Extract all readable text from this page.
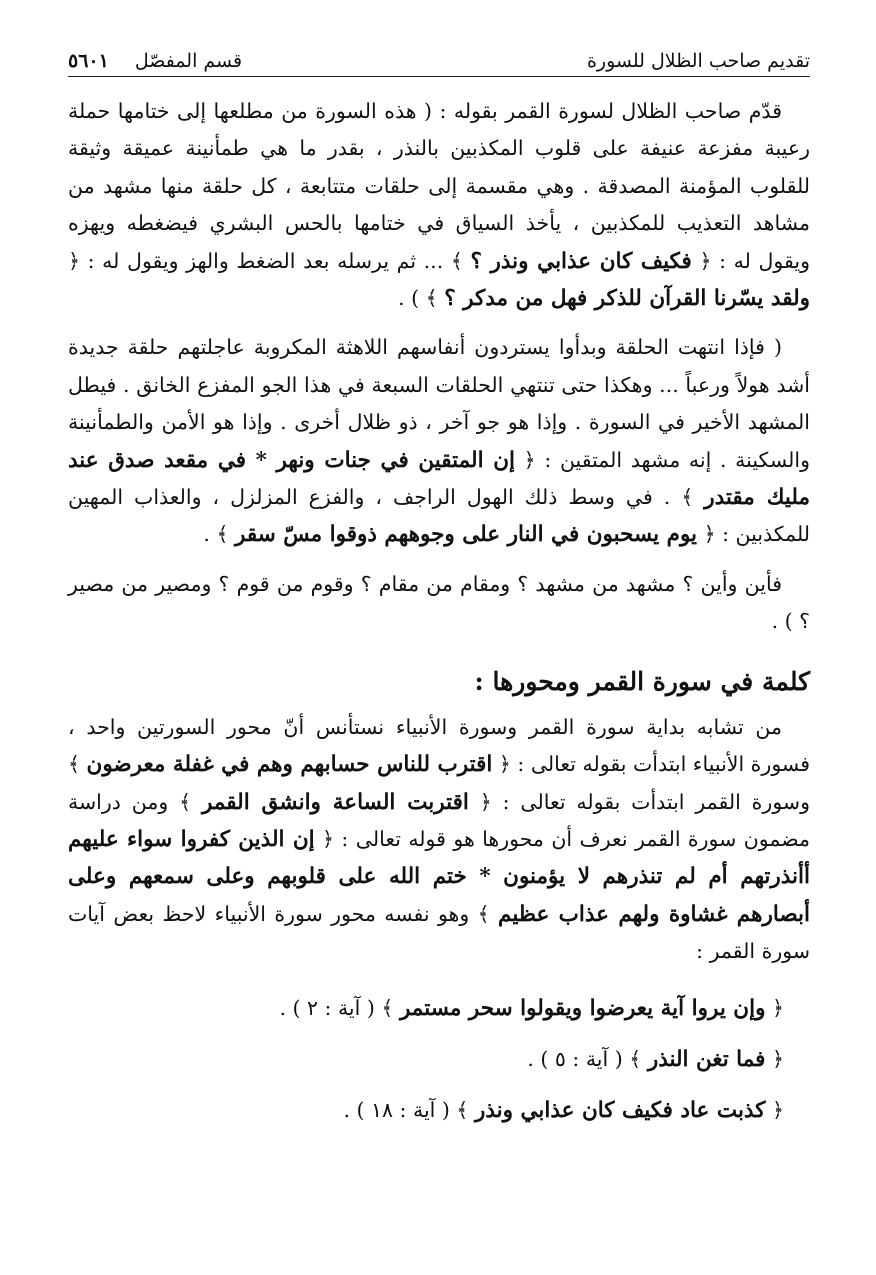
تقديم صاحب الظلال للسورة
قسم المفصّل
٥٦٠١

قدّم صاحب الظلال لسورة القمر بقوله : ( هذه السورة من مطلعها إلى ختامها حملة رعيبة مفزعة عنيفة على قلوب المكذبين بالنذر ، بقدر ما هي طمأنينة عميقة وثيقة للقلوب المؤمنة المصدقة . وهي مقسمة إلى حلقات متتابعة ، كل حلقة منها مشهد من مشاهد التعذيب للمكذبين ، يأخذ السياق في ختامها بالحس البشري فيضغطه ويهزه ويقول له : ﴿ فكيف كان عذابي ونذر ؟ ﴾ ... ثم يرسله بعد الضغط والهز ويقول له : ﴿ ولقد يسّرنا القرآن للذكر فهل من مدكر ؟ ﴾ ) .

( فإذا انتهت الحلقة وبدأوا يستردون أنفاسهم اللاهثة المكروبة عاجلتهم حلقة جديدة أشد هولاً ورعباً ... وهكذا حتى تنتهي الحلقات السبعة في هذا الجو المفزع الخانق . فيطل المشهد الأخير في السورة . وإذا هو جو آخر ، ذو ظلال أخرى . وإذا هو الأمن والطمأنينة والسكينة . إنه مشهد المتقين : ﴿ إن المتقين في جنات ونهر * في مقعد صدق عند مليك مقتدر ﴾ . في وسط ذلك الهول الراجف ، والفزع المزلزل ، والعذاب المهين للمكذبين : ﴿ يوم يسحبون في النار على وجوههم ذوقوا مسّ سقر ﴾ .

فأين وأين ؟ مشهد من مشهد ؟ ومقام من مقام ؟ وقوم من قوم ؟ ومصير من مصير ؟ ) .

كلمة في سورة القمر ومحورها :

من تشابه بداية سورة القمر وسورة الأنبياء نستأنس أنّ محور السورتين واحد ، فسورة الأنبياء ابتدأت بقوله تعالى : ﴿ اقترب للناس حسابهم وهم في غفلة معرضون ﴾ وسورة القمر ابتدأت بقوله تعالى : ﴿ اقتربت الساعة وانشق القمر ﴾ ومن دراسة مضمون سورة القمر نعرف أن محورها هو قوله تعالى : ﴿ إن الذين كفروا سواء عليهم أأنذرتهم أم لم تنذرهم لا يؤمنون * ختم الله على قلوبهم وعلى سمعهم وعلى أبصارهم غشاوة ولهم عذاب عظيم ﴾ وهو نفسه محور سورة الأنبياء لاحظ بعض آيات سورة القمر :

﴿ وإن يروا آية يعرضوا ويقولوا سحر مستمر ﴾ ( آية : ٢ ) .
﴿ فما تغن النذر ﴾ ( آية : ٥ ) .
﴿ كذبت عاد فكيف كان عذابي ونذر ﴾ ( آية : ١٨ ) .
